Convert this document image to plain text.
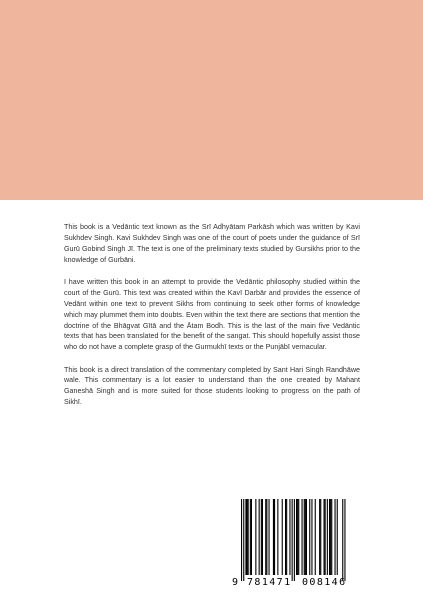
This book is a Vedāntic text known as the Srī Adhyātam Parkāsh which was written by Kavi Sukhdev Singh. Kavi Sukhdev Singh was one of the court of poets under the guidance of Srī Gurū Gobind Singh Jī. The text is one of the preliminary texts studied by Gursikhs prior to the knowledge of Gurbāni.

I have written this book in an attempt to provide the Vedāntic philosophy studied within the court of the Gurū. This text was created within the Kavī Darbār and provides the essence of Vedānt within one text to prevent Sikhs from continuing to seek other forms of knowledge which may plummet them into doubts. Even within the text there are sections that mention the doctrine of the Bhāgvat Gītā and the Ātam Bodh. This is the last of the main five Vedāntic texts that has been translated for the benefit of the sangat. This should hopefully assist those who do not have a complete grasp of the Gurmukhī texts or the Punjābī vernacular.

This book is a direct translation of the commentary completed by Sant Hari Singh Randhāwe wale. This commentary is a lot easier to understand than the one created by Mahant Ganeshā Singh and is more suited for those students looking to progress on the path of Sikhī.

9 781471 008146
